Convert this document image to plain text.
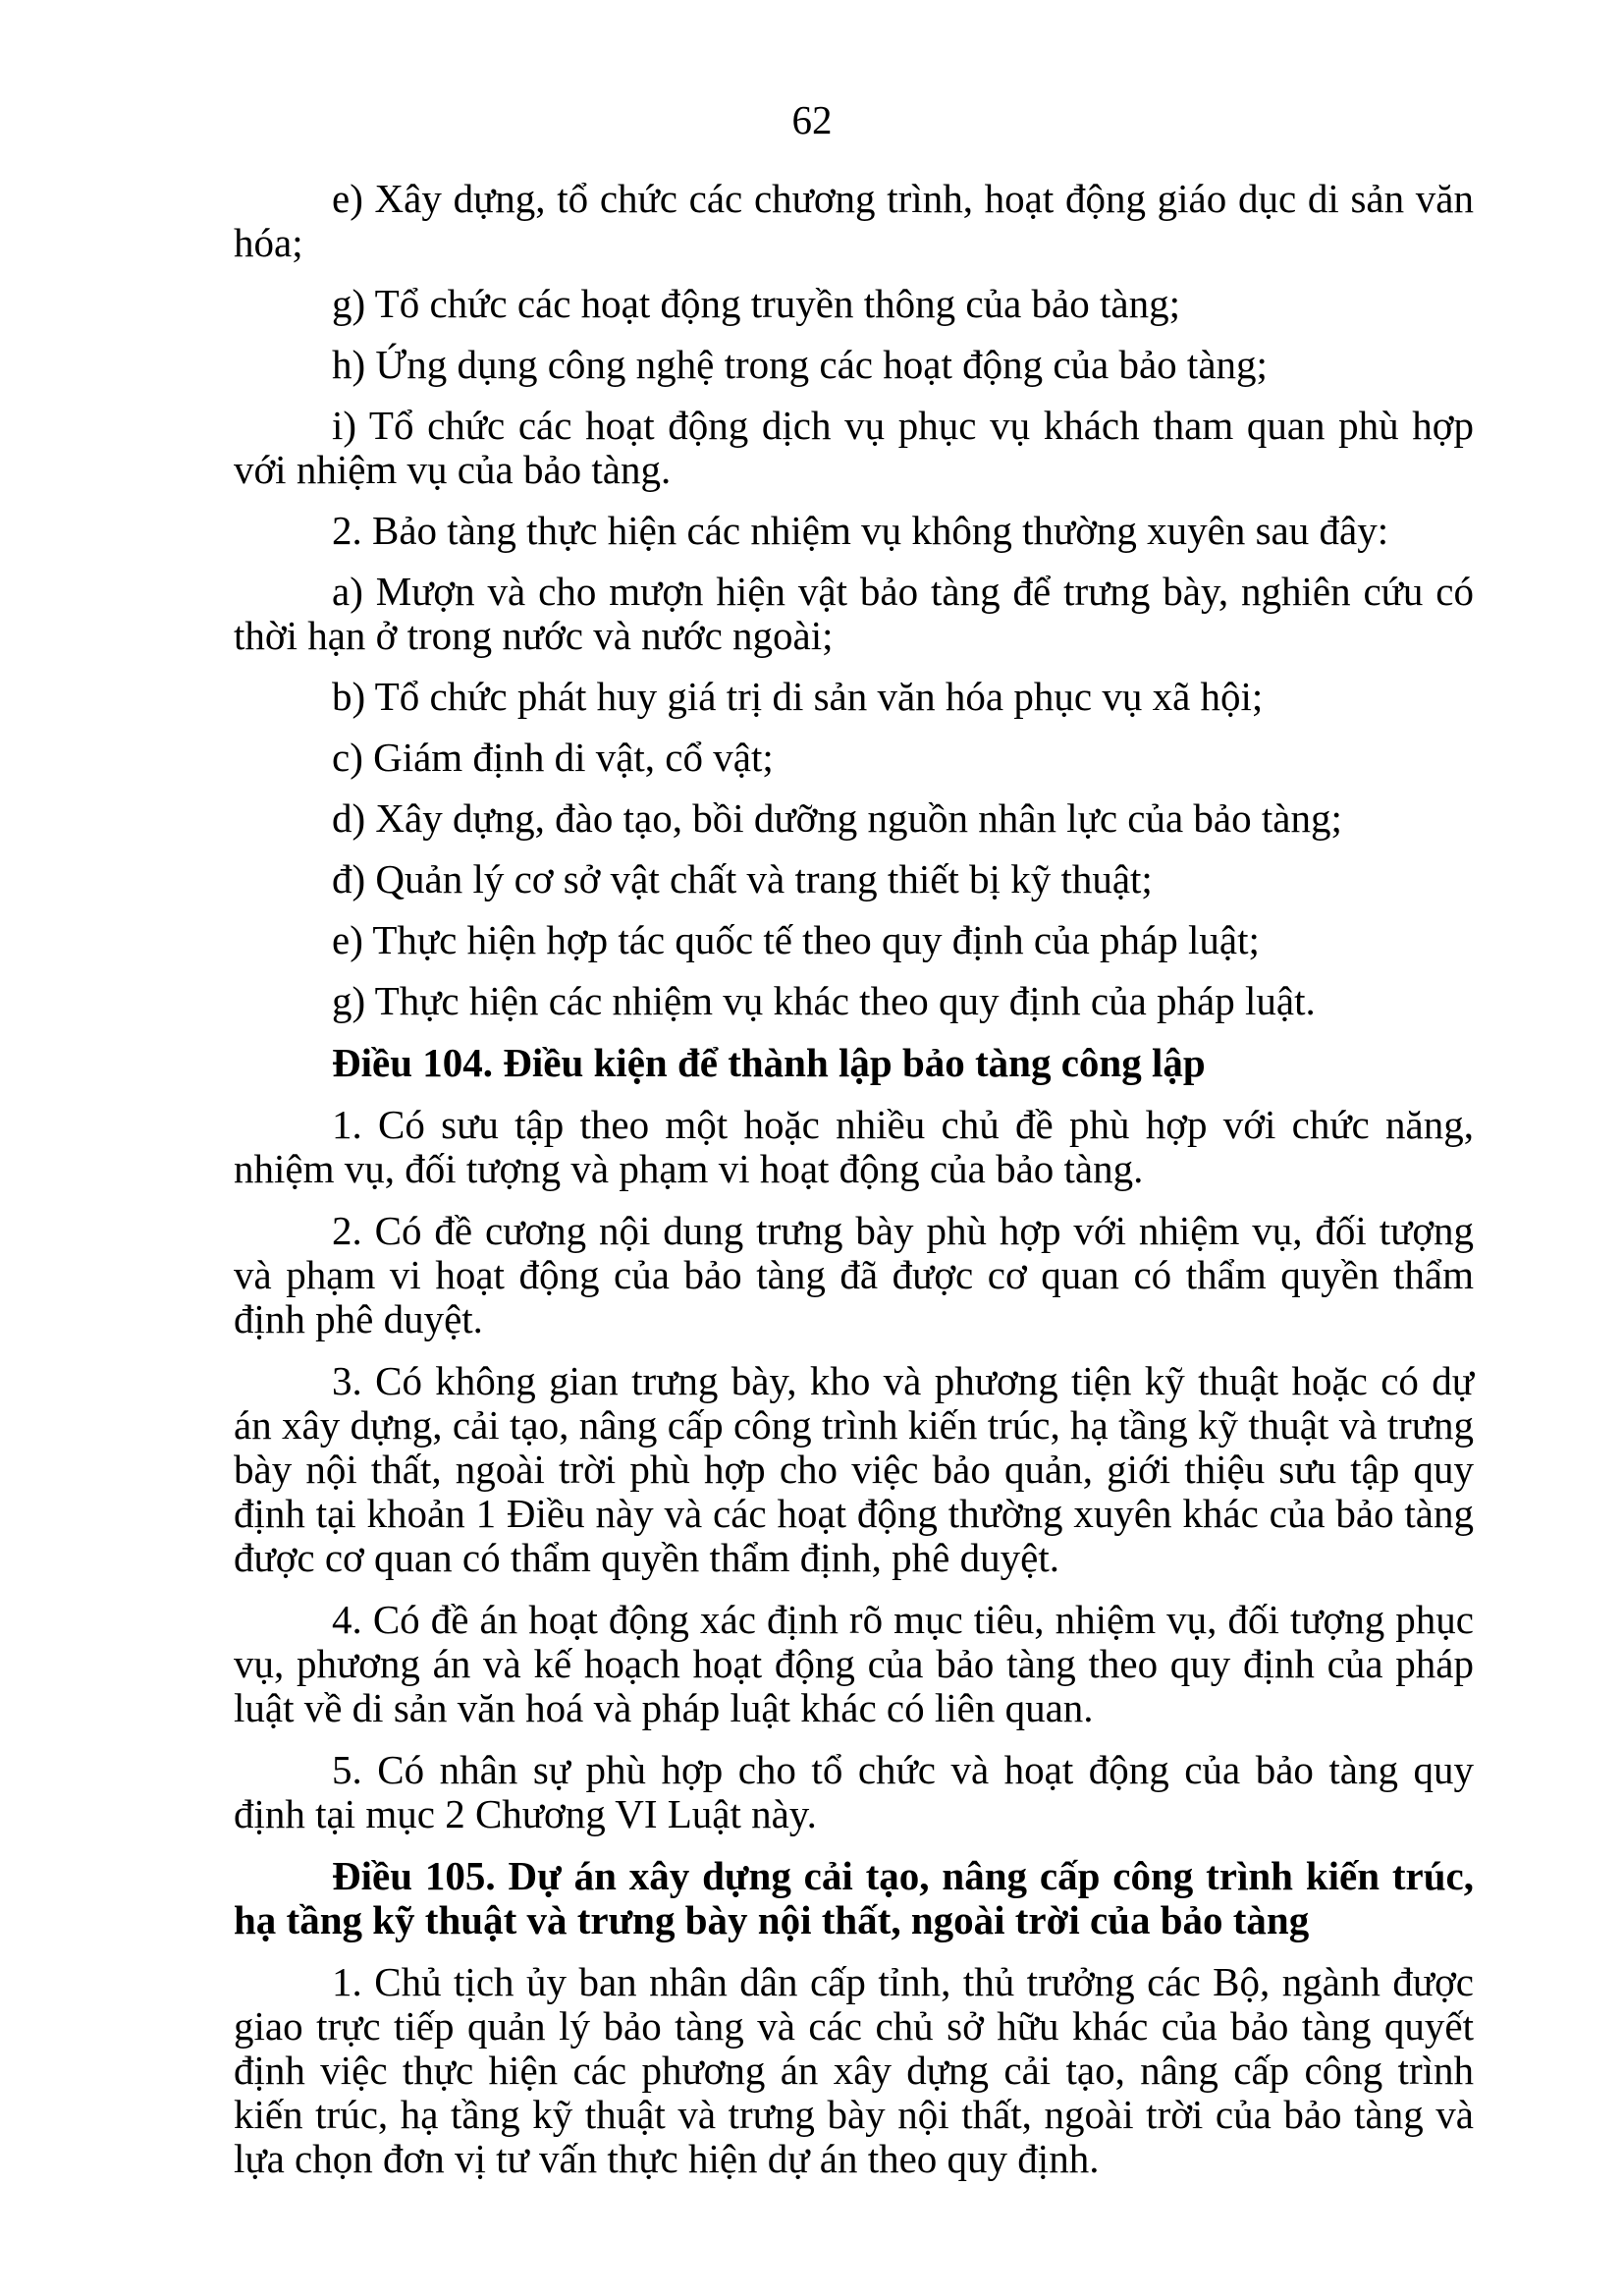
62

e) Xây dựng, tổ chức các chương trình, hoạt động giáo dục di sản văn hóa;

g) Tổ chức các hoạt động truyền thông của bảo tàng;

h) Ứng dụng công nghệ trong các hoạt động của bảo tàng;

i) Tổ chức các hoạt động dịch vụ phục vụ khách tham quan phù hợp với nhiệm vụ của bảo tàng.

2. Bảo tàng thực hiện các nhiệm vụ không thường xuyên sau đây:

a) Mượn và cho mượn hiện vật bảo tàng để trưng bày, nghiên cứu có thời hạn ở trong nước và nước ngoài;

b) Tổ chức phát huy giá trị di sản văn hóa phục vụ xã hội;

c) Giám định di vật, cổ vật;

d) Xây dựng, đào tạo, bồi dưỡng nguồn nhân lực của bảo tàng;

đ) Quản lý cơ sở vật chất và trang thiết bị kỹ thuật;

e) Thực hiện hợp tác quốc tế theo quy định của pháp luật;

g) Thực hiện các nhiệm vụ khác theo quy định của pháp luật.

Điều 104. Điều kiện để thành lập bảo tàng công lập

1. Có sưu tập theo một hoặc nhiều chủ đề phù hợp với chức năng, nhiệm vụ, đối tượng và phạm vi hoạt động của bảo tàng.

2. Có đề cương nội dung trưng bày phù hợp với nhiệm vụ, đối tượng và phạm vi hoạt động của bảo tàng đã được cơ quan có thẩm quyền thẩm định phê duyệt.

3. Có không gian trưng bày, kho và phương tiện kỹ thuật hoặc có dự án xây dựng, cải tạo, nâng cấp công trình kiến trúc, hạ tầng kỹ thuật và trưng bày nội thất, ngoài trời phù hợp cho việc bảo quản, giới thiệu sưu tập quy định tại khoản 1 Điều này và các hoạt động thường xuyên khác của bảo tàng được cơ quan có thẩm quyền thẩm định, phê duyệt.

4. Có đề án hoạt động xác định rõ mục tiêu, nhiệm vụ, đối tượng phục vụ, phương án và kế hoạch hoạt động của bảo tàng theo quy định của pháp luật về di sản văn hoá và pháp luật khác có liên quan.

5. Có nhân sự phù hợp cho tổ chức và hoạt động của bảo tàng quy định tại mục 2 Chương VI Luật này.

Điều 105. Dự án xây dựng cải tạo, nâng cấp công trình kiến trúc, hạ tầng kỹ thuật và trưng bày nội thất, ngoài trời của bảo tàng

1. Chủ tịch ủy ban nhân dân cấp tỉnh, thủ trưởng các Bộ, ngành được giao trực tiếp quản lý bảo tàng và các chủ sở hữu khác của bảo tàng quyết định việc thực hiện các phương án xây dựng cải tạo, nâng cấp công trình kiến trúc, hạ tầng kỹ thuật và trưng bày nội thất, ngoài trời của bảo tàng và lựa chọn đơn vị tư vấn thực hiện dự án theo quy định.
